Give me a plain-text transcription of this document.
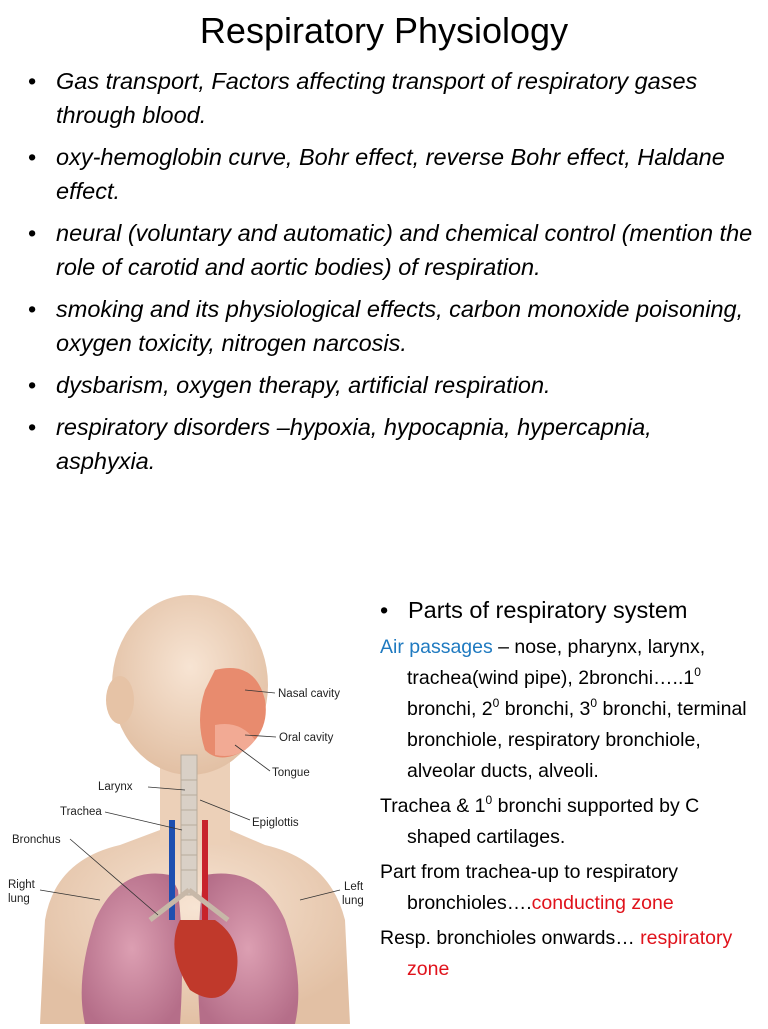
Respiratory Physiology
• Gas transport, Factors affecting transport of respiratory gases through blood.
• oxy-hemoglobin curve, Bohr effect, reverse Bohr effect, Haldane effect.
• neural (voluntary and automatic) and chemical control (mention the role of carotid and aortic bodies) of respiration.
• smoking and its physiological effects, carbon monoxide poisoning, oxygen toxicity, nitrogen narcosis.
• dysbarism, oxygen therapy, artificial respiration.
• respiratory disorders –hypoxia, hypocapnia, hypercapnia, asphyxia.
Nasal cavity
Oral cavity
Tongue
Larynx
Trachea
Epiglottis
Bronchus
Right
lung
Left
lung
• Parts of respiratory system

Air passages – nose, pharynx, larynx, trachea(wind pipe), $2bronchi\dots..1^0$ bronchi, $2^0$ bronchi, $3^0$ bronchi, terminal bronchiole, respiratory bronchiole, alveolar ducts, alveoli.

Trachea & $1^0$ bronchi supported by C shaped cartilages.

Part from trachea-up to respiratory bronchioles….conducting zone

Resp. bronchioles onwards… respiratory zone
